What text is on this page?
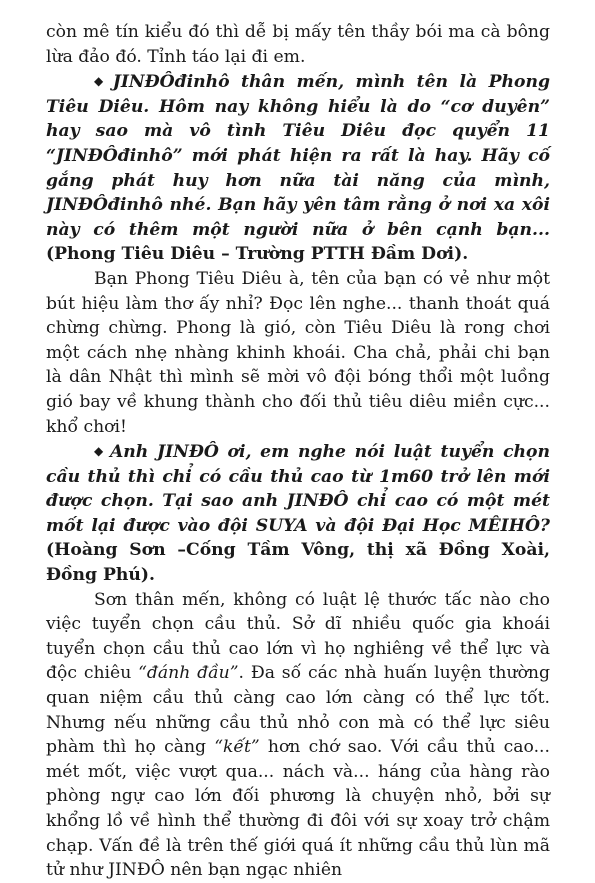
còn mê tín kiểu đó thì dễ bị mấy tên thầy bói ma cà bông lừa đảo đó. Tỉnh táo lại đi em.

◆ JINĐÔđinhô thân mến, mình tên là Phong Tiêu Diêu. Hôm nay không hiểu là do “cơ duyên” hay sao mà vô tình Tiêu Diêu đọc quyển 11 “JINĐÔđinhô” mới phát hiện ra rất là hay. Hãy cố gắng phát huy hơn nữa tài năng của mình, JINĐÔđinhô nhé. Bạn hãy yên tâm rằng ở nơi xa xôi này có thêm một người nữa ở bên cạnh bạn... (Phong Tiêu Diêu – Trường PTTH Đầm Dơi).

Bạn Phong Tiêu Diêu à, tên của bạn có vẻ như một bút hiệu làm thơ ấy nhỉ? Đọc lên nghe... thanh thoát quá chừng chừng. Phong là gió, còn Tiêu Diêu là rong chơi một cách nhẹ nhàng khinh khoái. Cha chả, phải chi bạn là dân Nhật thì mình sẽ mời vô đội bóng thổi một luồng gió bay về khung thành cho đối thủ tiêu diêu miền cực... khổ chơi!

◆ Anh JINĐÔ ơi, em nghe nói luật tuyển chọn cầu thủ thì chỉ có cầu thủ cao từ 1m60 trở lên mới được chọn. Tại sao anh JINĐÔ chỉ cao có một mét mốt lại được vào đội SUYA và đội Đại Học MÊIHÔ?(Hoàng Sơn –Cống Tầm Vông, thị xã Đồng Xoài, Đồng Phú).

Sơn thân mến, không có luật lệ thước tấc nào cho việc tuyển chọn cầu thủ. Sở dĩ nhiều quốc gia khoái tuyển chọn cầu thủ cao lớn vì họ nghiêng về thể lực và độc chiêu “đánh đầu”. Đa số các nhà huấn luyện thường quan niệm cầu thủ càng cao lớn càng có thể lực tốt. Nhưng nếu những cầu thủ nhỏ con mà có thể lực siêu phàm thì họ càng “kết” hơn chớ sao. Với cầu thủ cao... mét mốt, việc vượt qua... nách và... háng của hàng rào phòng ngự cao lớn đối phương là chuyện nhỏ, bởi sự khổng lồ về hình thể thường đi đôi với sự xoay trở chậm chạp. Vấn đề là trên thế giới quá ít những cầu thủ lùn mã tử như JINĐÔ nên bạn ngạc nhiên
